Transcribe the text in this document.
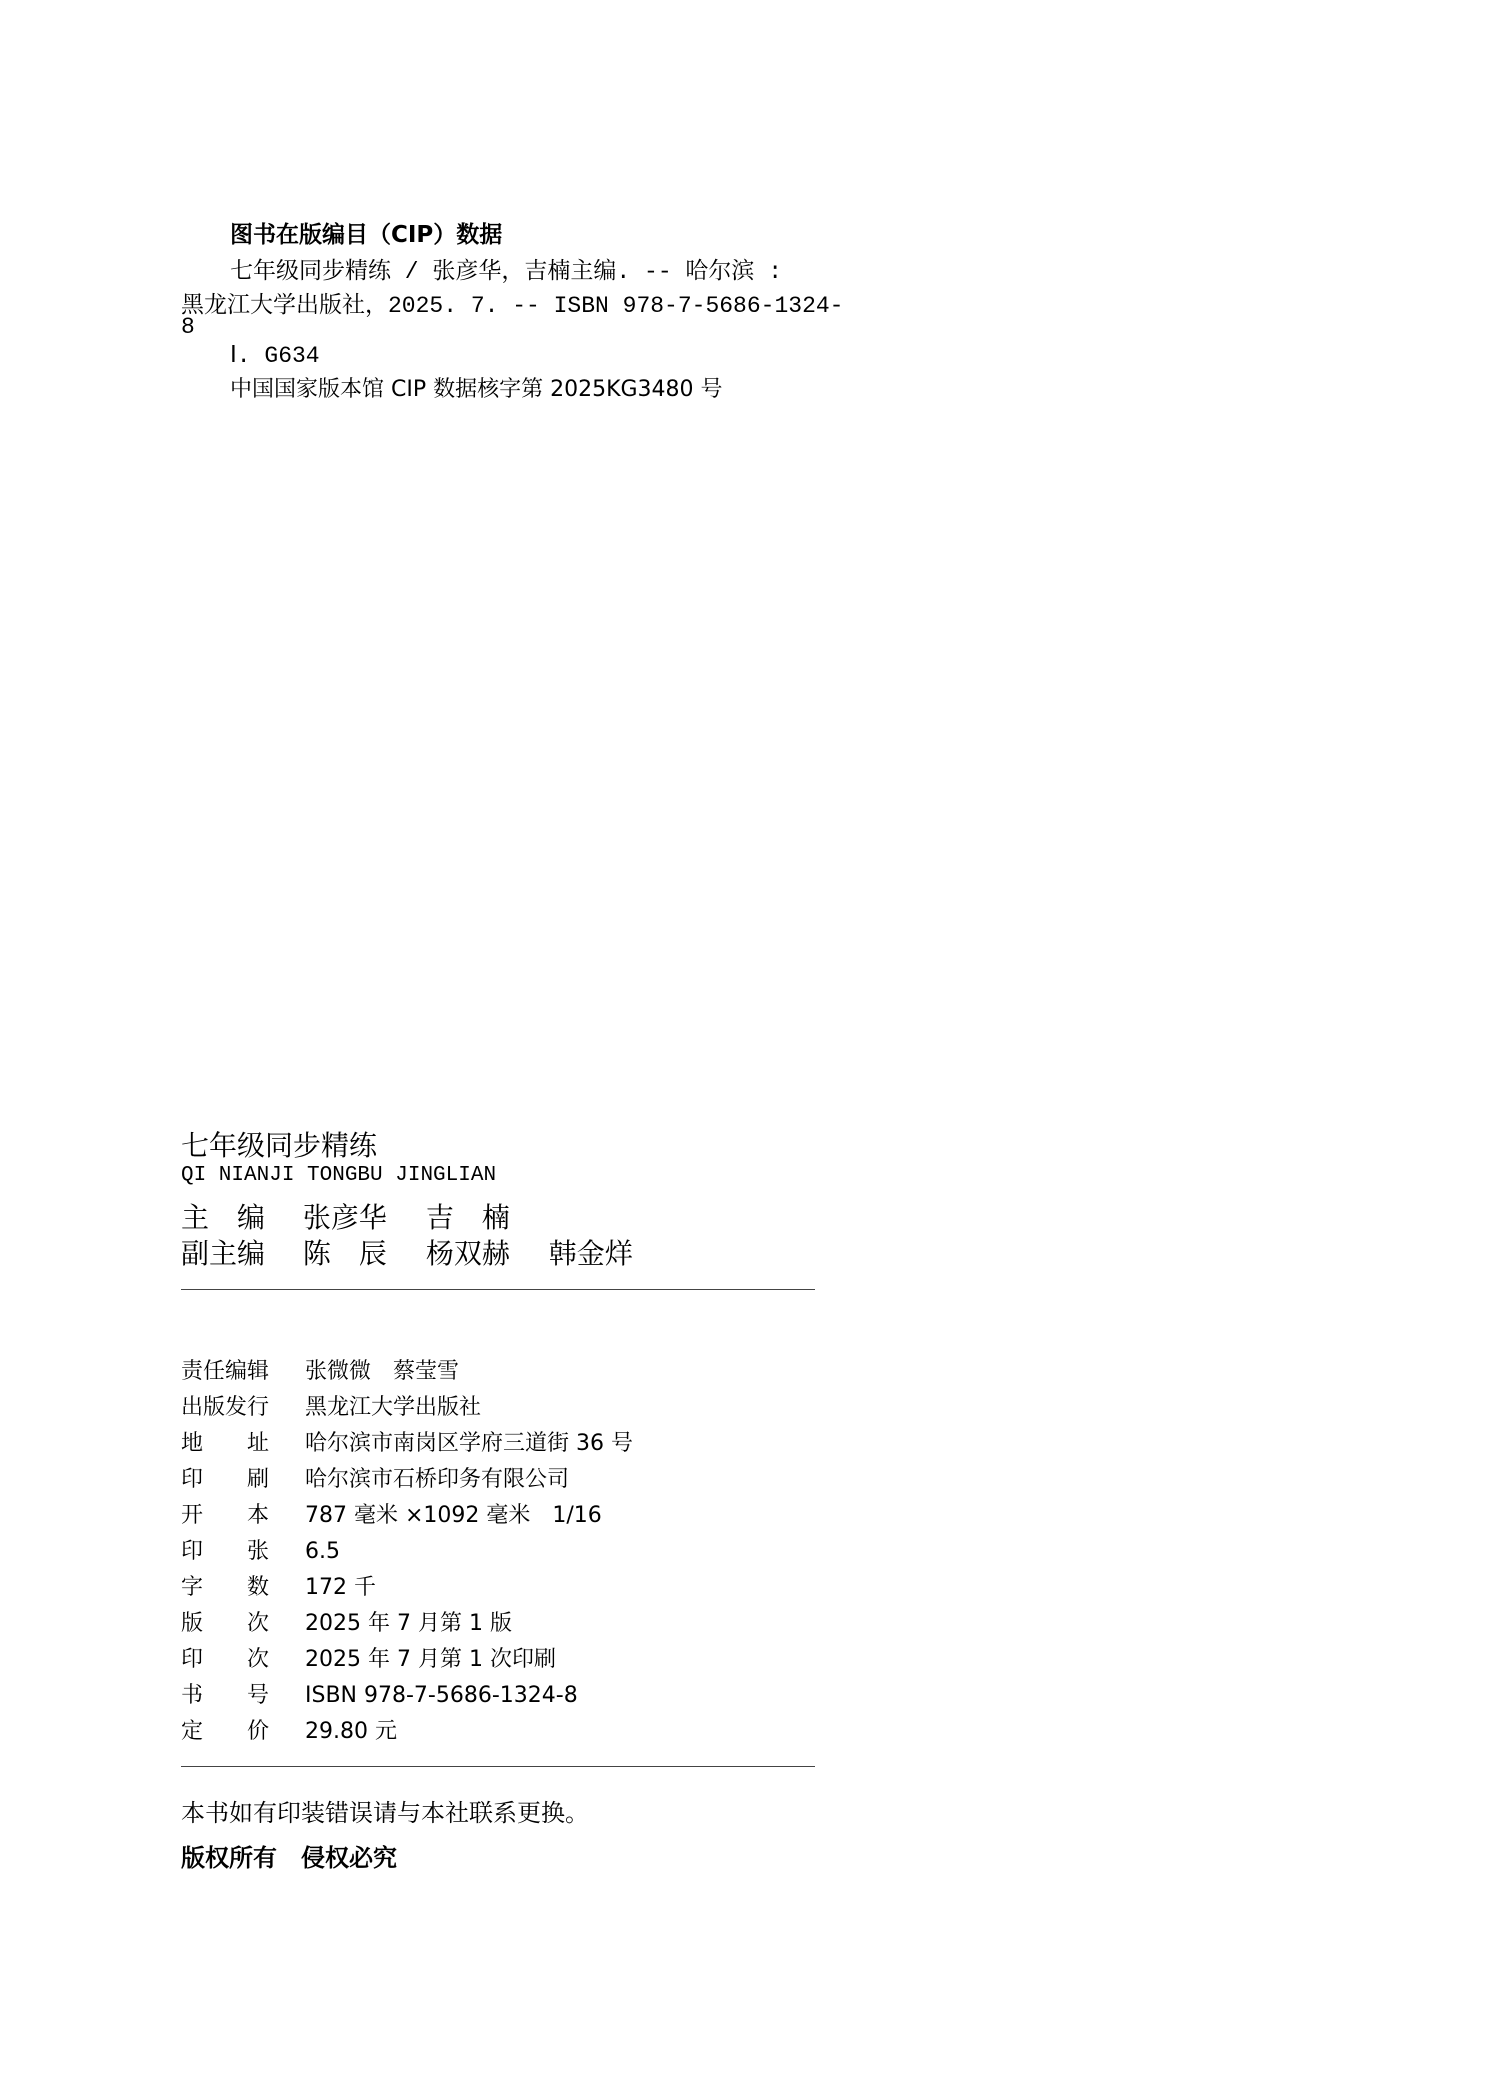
图书在版编目（CIP）数据
七年级同步精练 / 张彦华，吉楠主编. -- 哈尔滨 :
黑龙江大学出版社，2025. 7. -- ISBN 978-7-5686-1324-
8
Ⅰ. G634
中国国家版本馆 CIP 数据核字第 2025KG3480 号
七年级同步精练
QI NIANJI TONGBU JINGLIAN
主　编 张彦华 吉　楠
副主编 陈　辰 杨双赫 韩金烊
责任编辑 张微微　蔡莹雪
出版发行 黑龙江大学出版社
地　　址 哈尔滨市南岗区学府三道街 36 号
印　　刷 哈尔滨市石桥印务有限公司
开　　本 787 毫米 ×1092 毫米　1/16
印　　张 6.5
字　　数 172 千
版　　次 2025 年 7 月第 1 版
印　　次 2025 年 7 月第 1 次印刷
书　　号 ISBN 978-7-5686-1324-8
定　　价 29.80 元
本书如有印装错误请与本社联系更换。
版权所有　侵权必究
